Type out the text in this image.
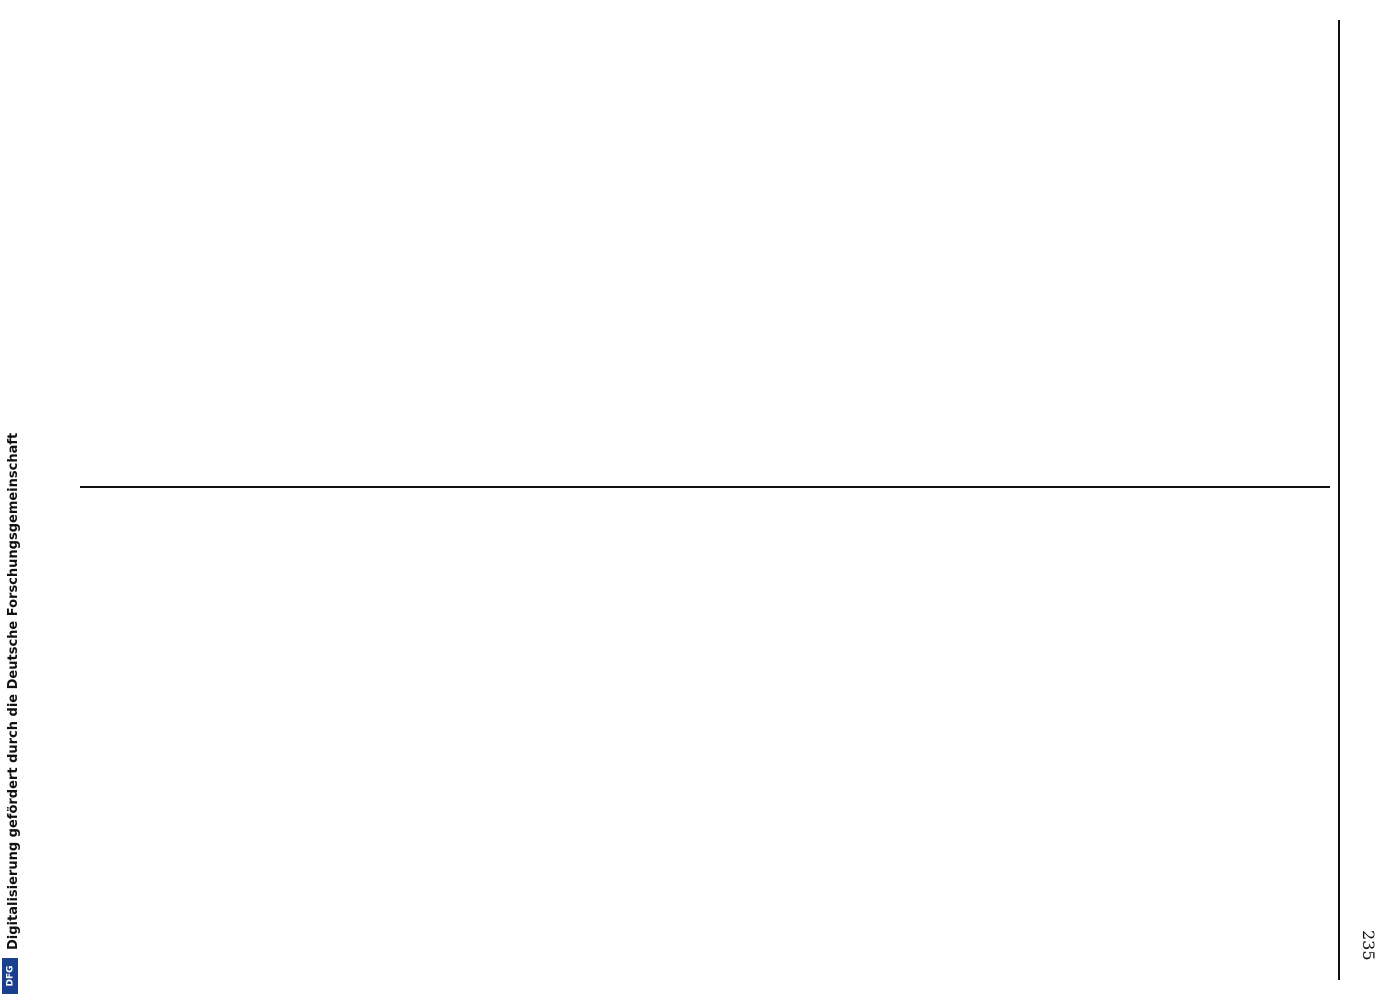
235
Digitalisierung gefördert durch die Deutsche Forschungsgemeinschaft
DFG
